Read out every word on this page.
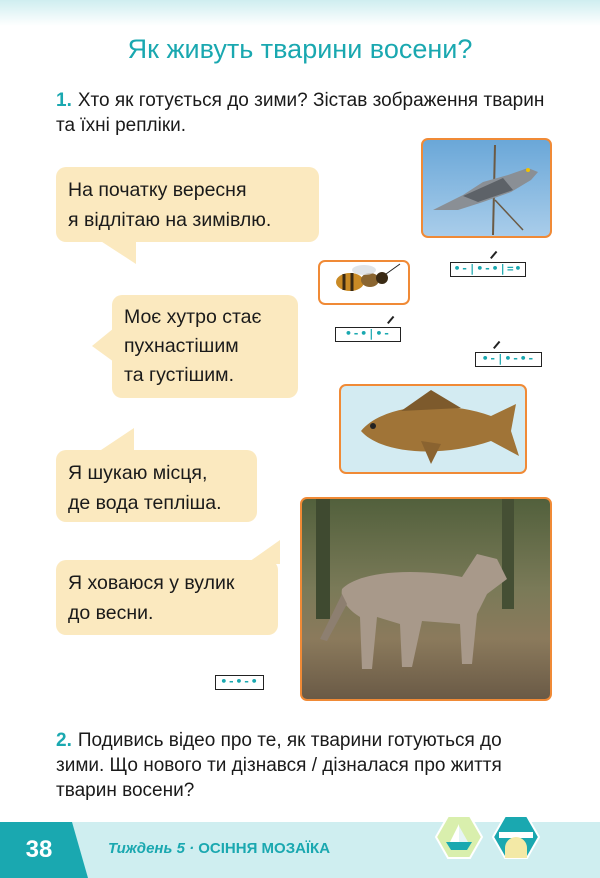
Як живуть тварини восени?
1. Хто як готується до зими? Зістав зображення тварин та їхні репліки.
На початку вересня
я відлітаю на зимівлю.
Моє хутро стає
пухнастішим
та густішим.
Я шукаю місця,
де вода тепліша.
Я ховаюся у вулик
до весни.
•-|•-•|=•
•-•|•-
•-|•-•-
•-•-•
2. Подивись відео про те, як тварини готуються до зими. Що нового ти дізнався / дізналася про життя тварин восени?
38	Тиждень 5 · ОСІННЯ МОЗАЇКА
